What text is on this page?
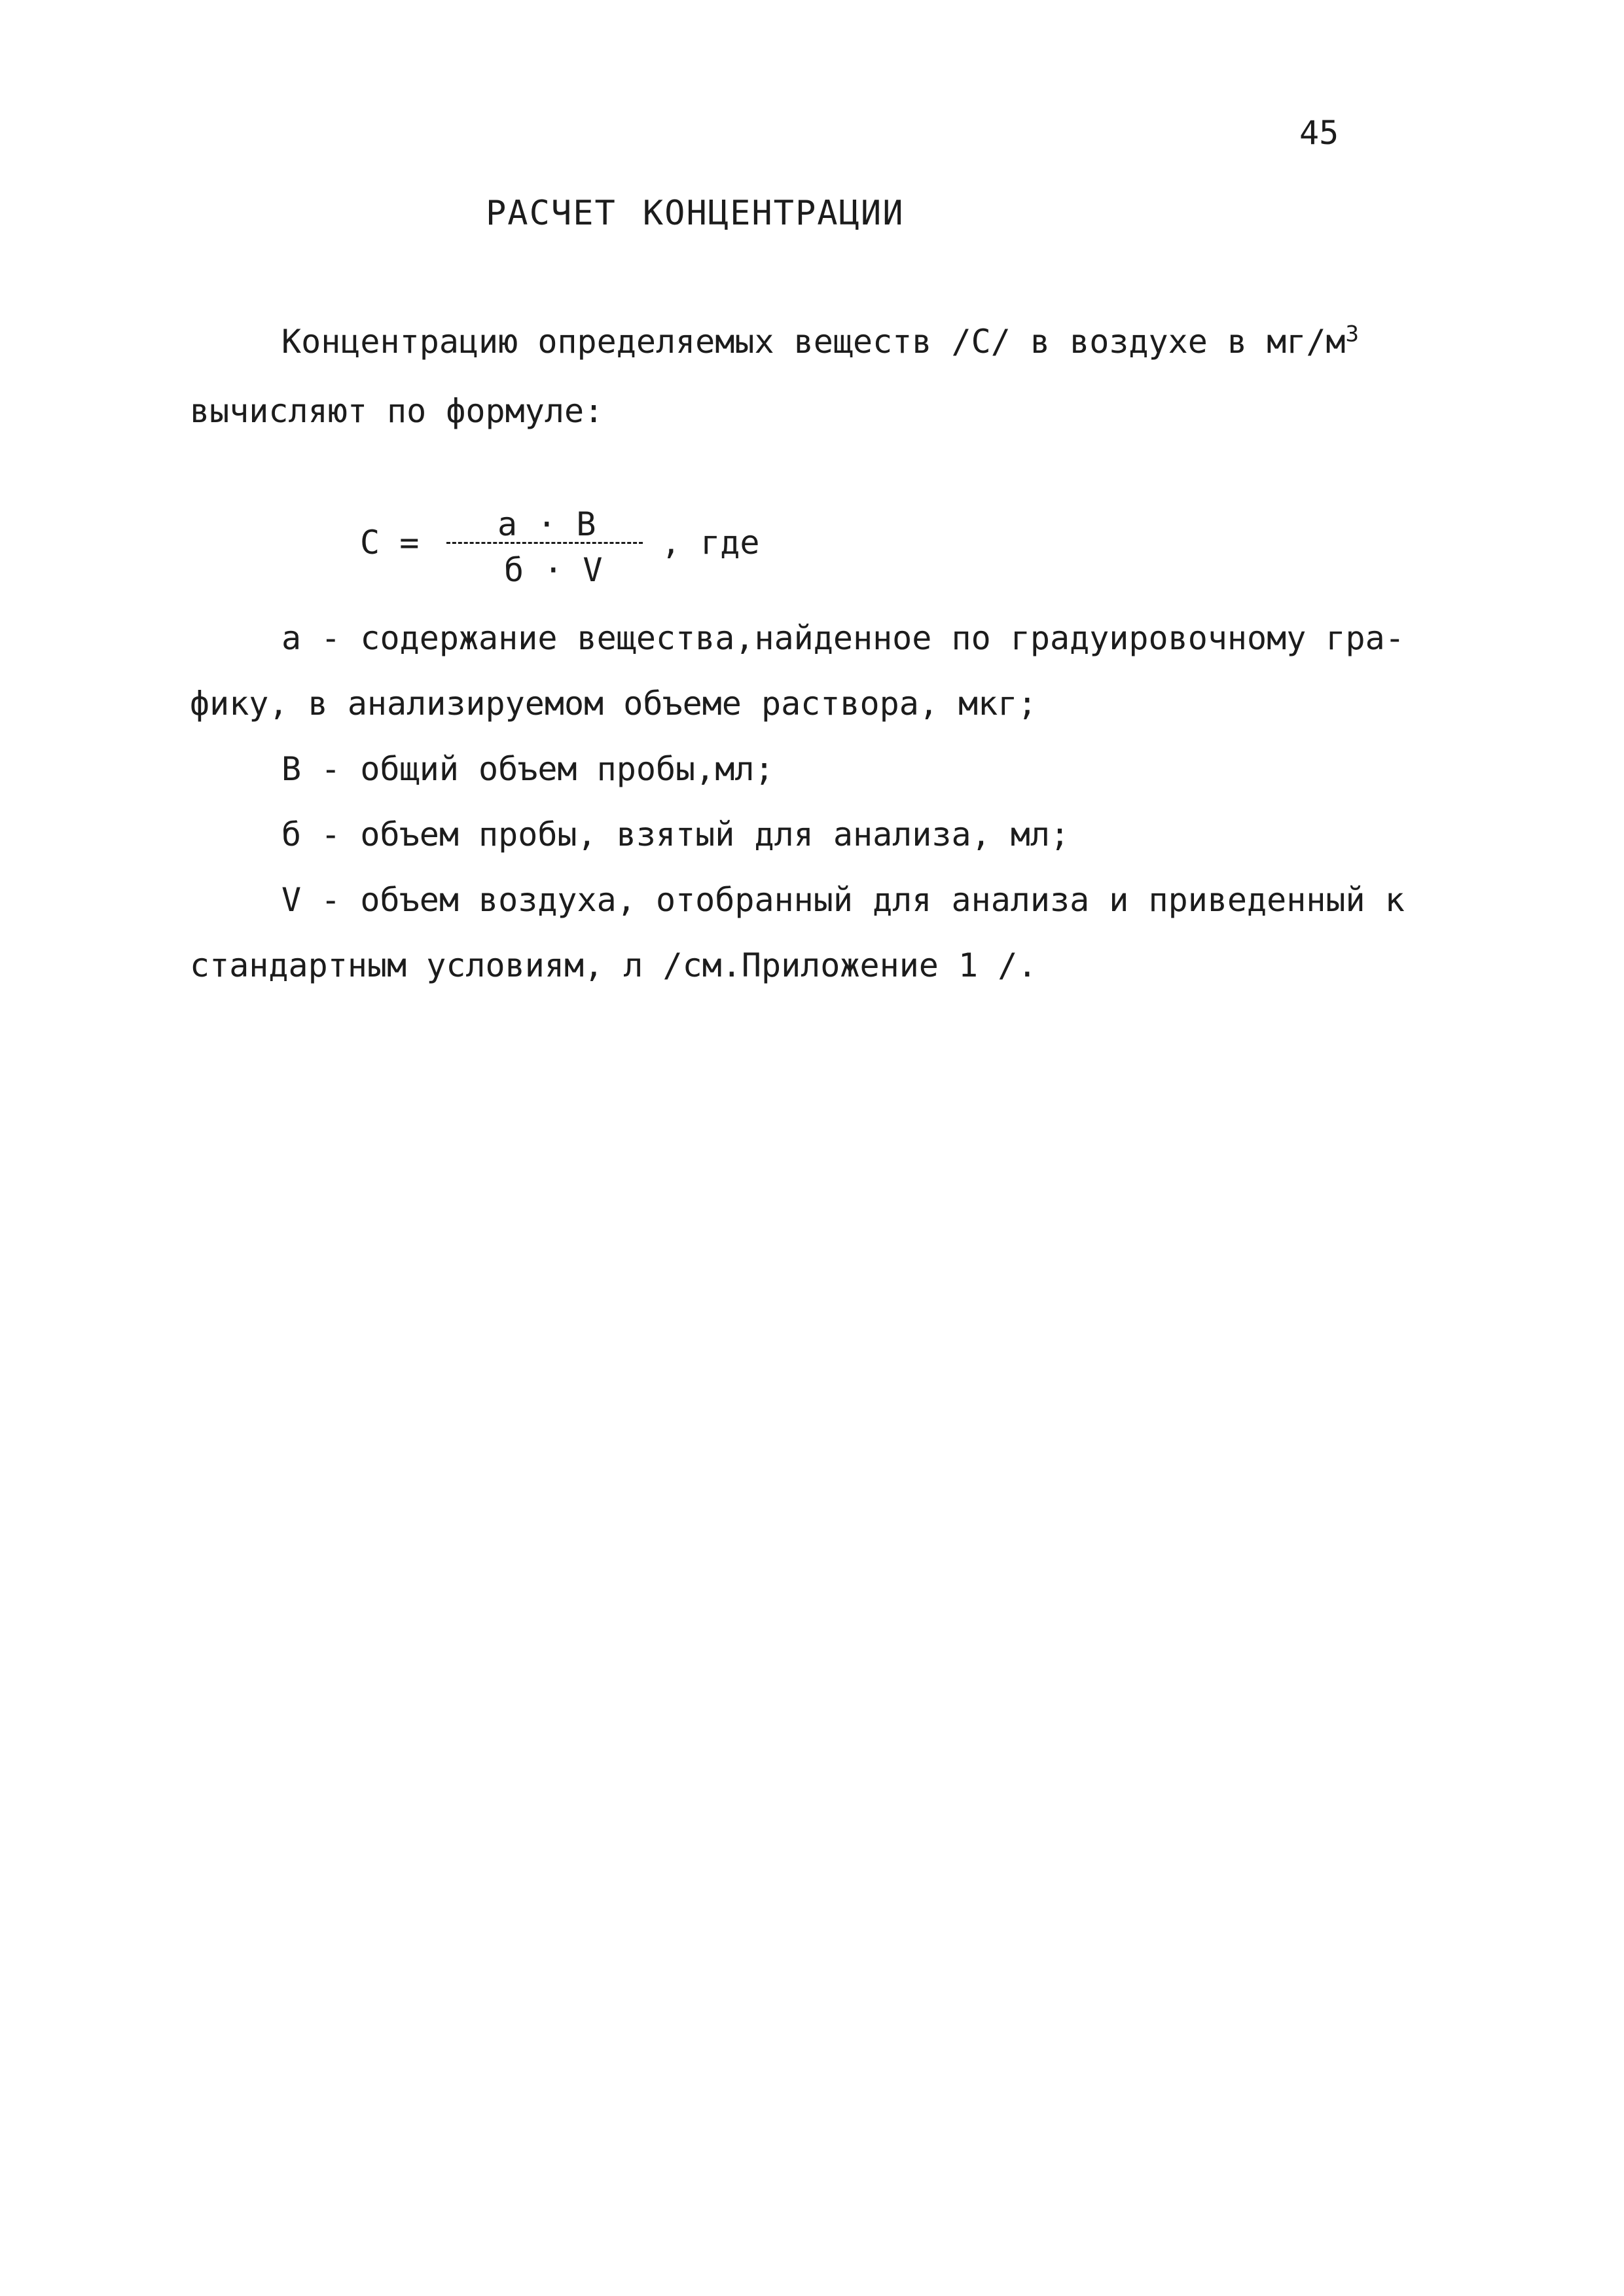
45
РАСЧЕТ КОНЦЕНТРАЦИИ
Концентрацию определяемых веществ /С/ в воздухе в $мг/м^3$
вычисляют по формуле:
С = а · В
б · V
, где
а - содержание вещества,найденное по градуировочному гра-
фику, в анализируемом объеме раствора, мкг;
В - общий объем пробы,мл;
б - объем пробы, взятый для анализа, мл;
V - объем воздуха, отобранный для анализа и приведенный к
стандартным условиям, л /см.Приложение 1 /.
